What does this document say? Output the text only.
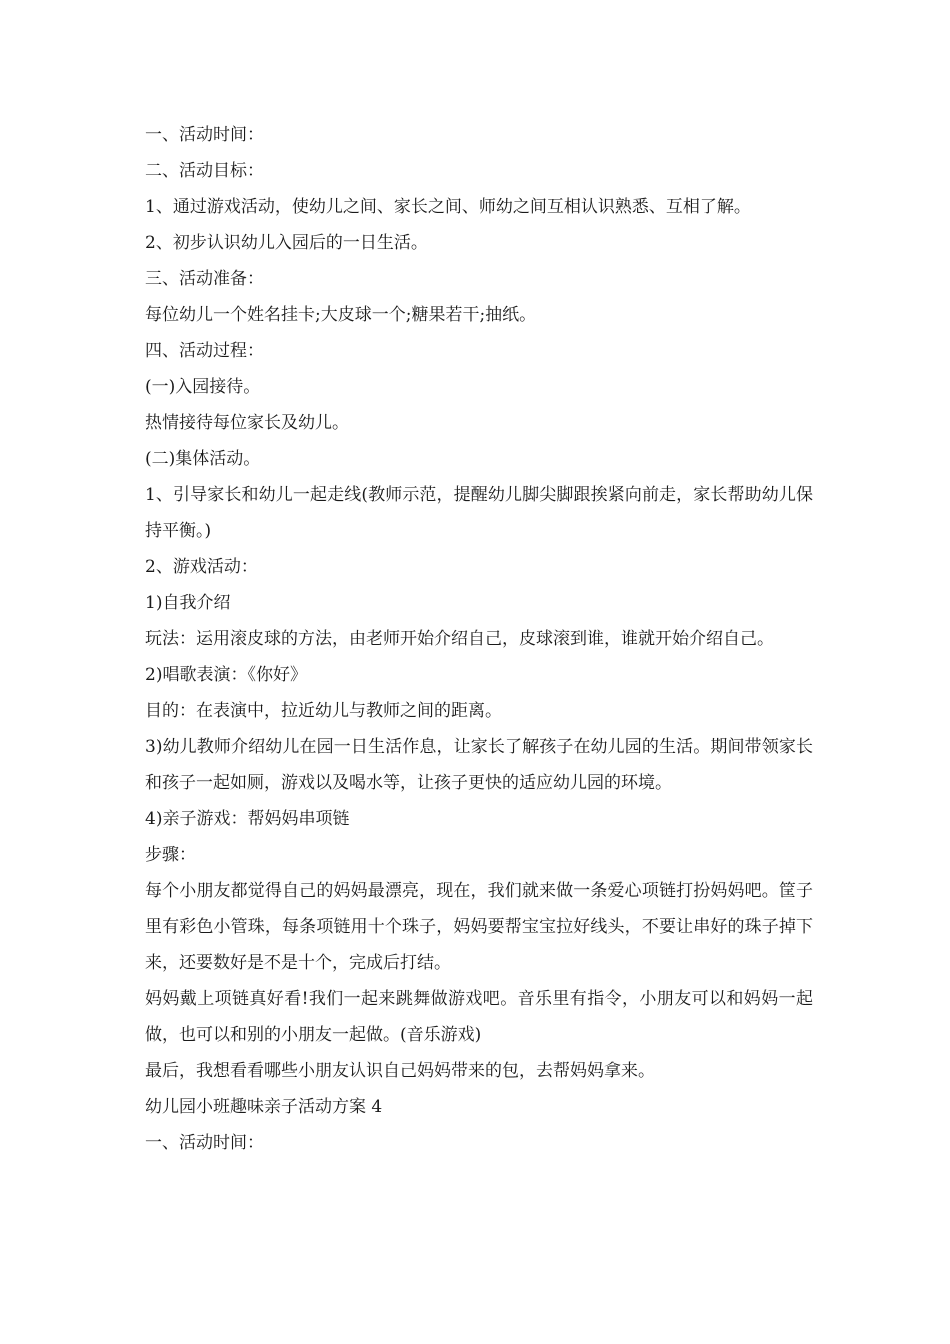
一、活动时间：

二、活动目标：

1、通过游戏活动，使幼儿之间、家长之间、师幼之间互相认识熟悉、互相了解。

2、初步认识幼儿入园后的一日生活。

三、活动准备：

每位幼儿一个姓名挂卡;大皮球一个;糖果若干;抽纸。

四、活动过程：

(一)入园接待。

热情接待每位家长及幼儿。

(二)集体活动。

1、引导家长和幼儿一起走线(教师示范，提醒幼儿脚尖脚跟挨紧向前走，家长帮助幼儿保持平衡。)

2、游戏活动：

1)自我介绍

玩法：运用滚皮球的方法，由老师开始介绍自己，皮球滚到谁，谁就开始介绍自己。

2)唱歌表演：《你好》

目的：在表演中，拉近幼儿与教师之间的距离。

3)幼儿教师介绍幼儿在园一日生活作息，让家长了解孩子在幼儿园的生活。期间带领家长和孩子一起如厕，游戏以及喝水等，让孩子更快的适应幼儿园的环境。

4)亲子游戏：帮妈妈串项链

步骤：

每个小朋友都觉得自己的妈妈最漂亮，现在，我们就来做一条爱心项链打扮妈妈吧。筐子里有彩色小管珠，每条项链用十个珠子，妈妈要帮宝宝拉好线头，不要让串好的珠子掉下来，还要数好是不是十个，完成后打结。

妈妈戴上项链真好看!我们一起来跳舞做游戏吧。音乐里有指令，小朋友可以和妈妈一起做，也可以和别的小朋友一起做。(音乐游戏)

最后，我想看看哪些小朋友认识自己妈妈带来的包，去帮妈妈拿来。

幼儿园小班趣味亲子活动方案 4

一、活动时间：
